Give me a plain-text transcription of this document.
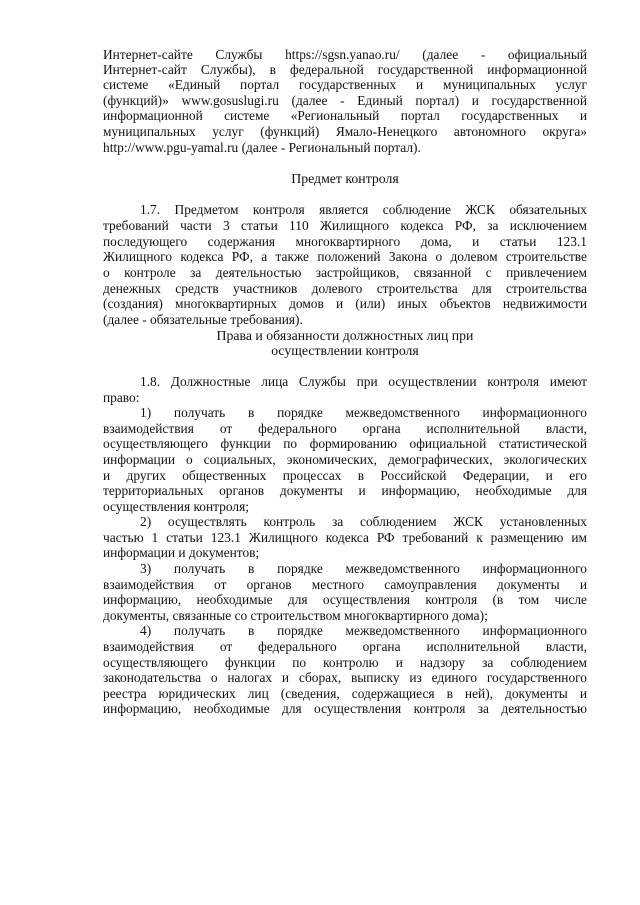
Интернет-сайте Службы https://sgsn.yanao.ru/ (далее - официальный
Интернет-сайт Службы), в федеральной государственной информационной
системе «Единый портал государственных и муниципальных услуг
(функций)» www.gosuslugi.ru (далее - Единый портал) и государственной
информационной системе «Региональный портал государственных и
муниципальных услуг (функций) Ямало-Ненецкого автономного округа»
http://www.pgu-yamal.ru (далее - Региональный портал).
Предмет контроля
1.7. Предметом контроля является соблюдение ЖСК обязательных
требований части 3 статьи 110 Жилищного кодекса РФ, за исключением
последующего содержания многоквартирного дома, и статьи 123.1
Жилищного кодекса РФ, а также положений Закона о долевом строительстве
о контроле за деятельностью застройщиков, связанной с привлечением
денежных средств участников долевого строительства для строительства
(создания) многоквартирных домов и (или) иных объектов недвижимости
(далее - обязательные требования).
Права и обязанности должностных лиц при
осуществлении контроля
1.8. Должностные лица Службы при осуществлении контроля имеют
право:
1) получать в порядке межведомственного информационного
взаимодействия от федерального органа исполнительной власти,
осуществляющего функции по формированию официальной статистической
информации о социальных, экономических, демографических, экологических
и других общественных процессах в Российской Федерации, и его
территориальных органов документы и информацию, необходимые для
осуществления контроля;
2) осуществлять контроль за соблюдением ЖСК установленных
частью 1 статьи 123.1 Жилищного кодекса РФ требований к размещению им
информации и документов;
3) получать в порядке межведомственного информационного
взаимодействия от органов местного самоуправления документы и
информацию, необходимые для осуществления контроля (в том числе
документы, связанные со строительством многоквартирного дома);
4) получать в порядке межведомственного информационного
взаимодействия от федерального органа исполнительной власти,
осуществляющего функции по контролю и надзору за соблюдением
законодательства о налогах и сборах, выписку из единого государственного
реестра юридических лиц (сведения, содержащиеся в ней), документы и
информацию, необходимые для осуществления контроля за деятельностью
